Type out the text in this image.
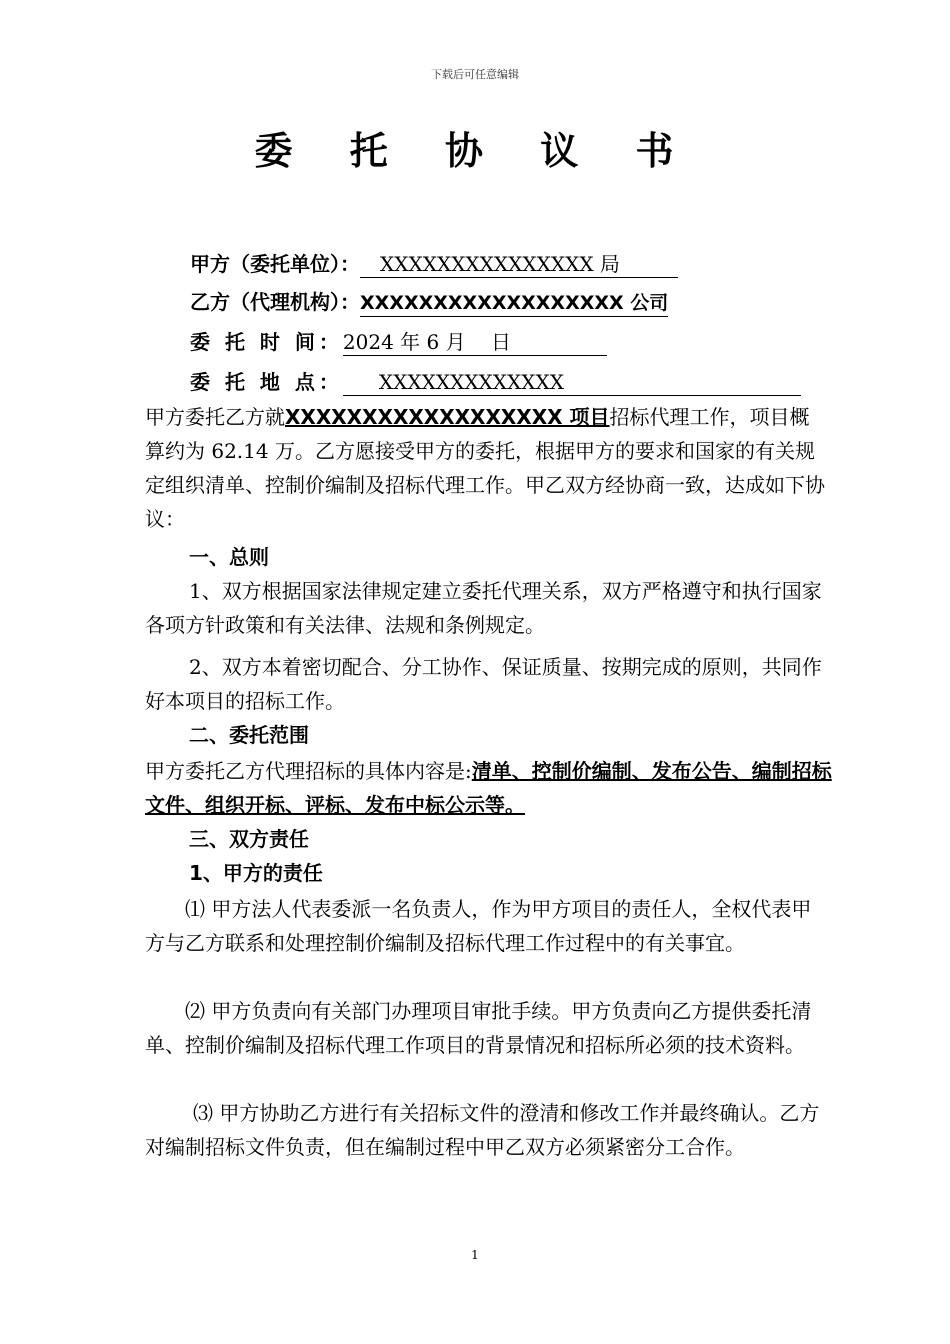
下载后可任意编辑
委 托 协 议 书
甲方（委托单位）： XXXXXXXXXXXXXXX 局
乙方（代理机构）：XXXXXXXXXXXXXXXXXX 公司
委 托 时 间：2024 年 6 月    日
委 托 地 点： XXXXXXXXXXXXX
甲方委托乙方就XXXXXXXXXXXXXXXXXX 项目招标代理工作，项目概算约为 62.14 万。乙方愿接受甲方的委托，根据甲方的要求和国家的有关规定组织清单、控制价编制及招标代理工作。甲乙双方经协商一致，达成如下协议：
一、总则
1、双方根据国家法律规定建立委托代理关系，双方严格遵守和执行国家各项方针政策和有关法律、法规和条例规定。
2、双方本着密切配合、分工协作、保证质量、按期完成的原则，共同作好本项目的招标工作。
二、委托范围
甲方委托乙方代理招标的具体内容是:清单、控制价编制、发布公告、编制招标文件、组织开标、评标、发布中标公示等。
三、双方责任
1、甲方的责任
⑴ 甲方法人代表委派一名负责人，作为甲方项目的责任人，全权代表甲方与乙方联系和处理控制价编制及招标代理工作过程中的有关事宜。
⑵ 甲方负责向有关部门办理项目审批手续。甲方负责向乙方提供委托清单、控制价编制及招标代理工作项目的背景情况和招标所必须的技术资料。
⑶ 甲方协助乙方进行有关招标文件的澄清和修改工作并最终确认。乙方对编制招标文件负责，但在编制过程中甲乙双方必须紧密分工合作。
1
